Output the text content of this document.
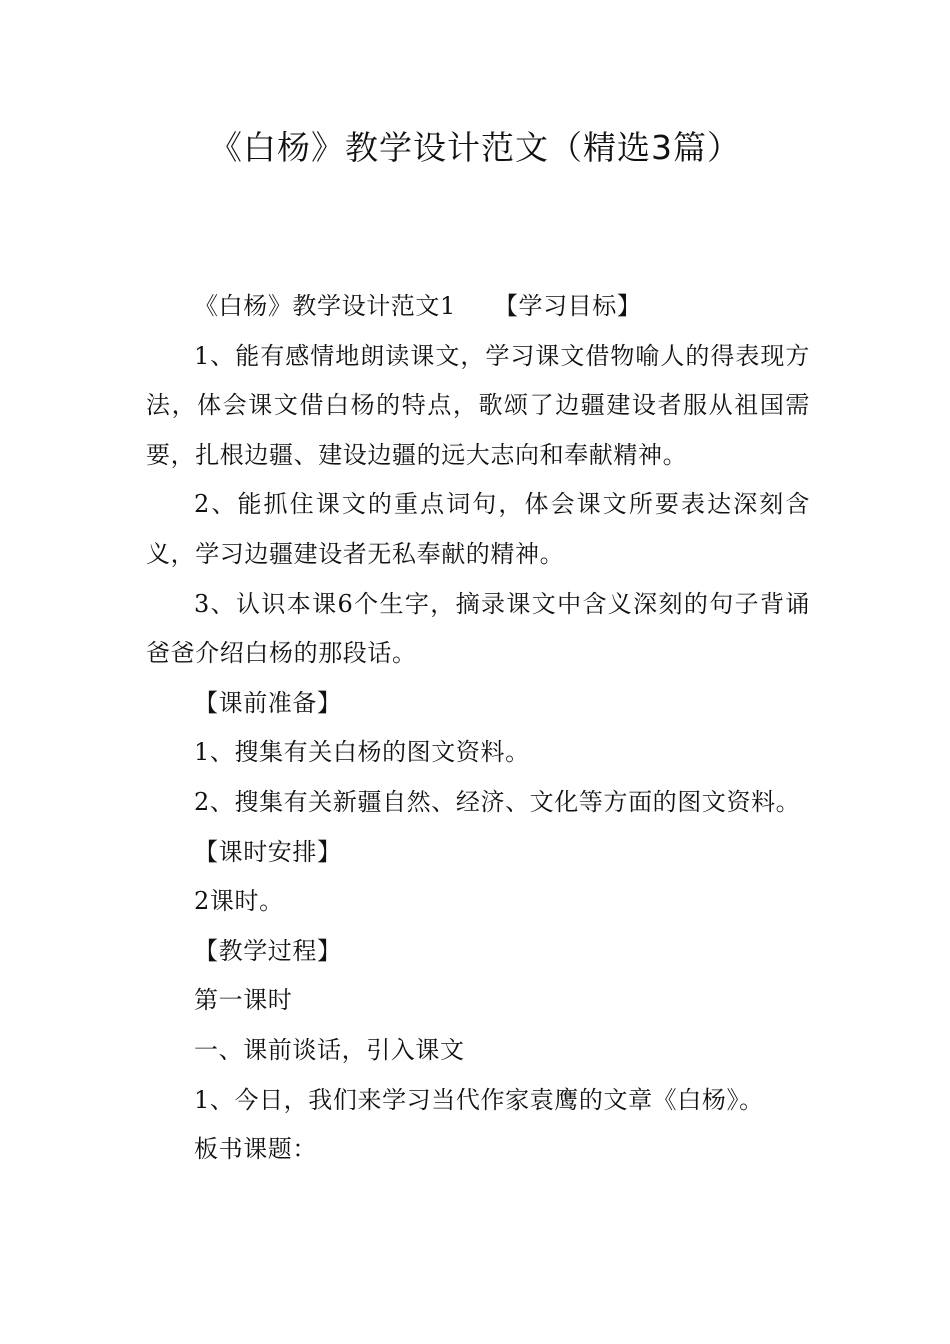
《白杨》教学设计范文（精选3篇）

《白杨》教学设计范文1 【学习目标】

1、能有感情地朗读课文，学习课文借物喻人的得表现方法，体会课文借白杨的特点，歌颂了边疆建设者服从祖国需要，扎根边疆、建设边疆的远大志向和奉献精神。

2、能抓住课文的重点词句，体会课文所要表达深刻含义，学习边疆建设者无私奉献的精神。

3、认识本课6个生字，摘录课文中含义深刻的句子背诵爸爸介绍白杨的那段话。

【课前准备】

1、搜集有关白杨的图文资料。

2、搜集有关新疆自然、经济、文化等方面的图文资料。

【课时安排】

2课时。

【教学过程】

第一课时

一、课前谈话，引入课文

1、今日，我们来学习当代作家袁鹰的文章《白杨》。

板书课题：
